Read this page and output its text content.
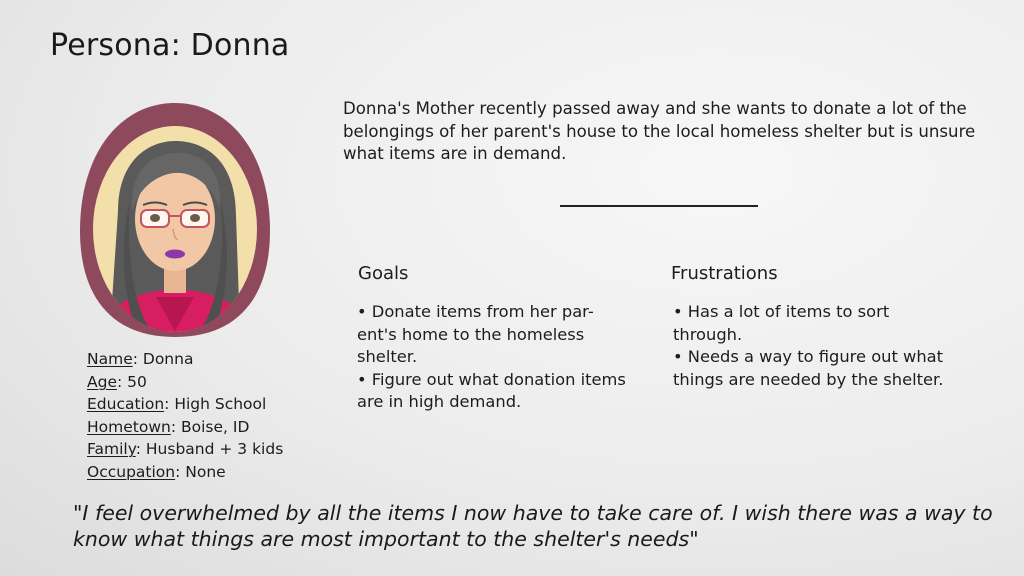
Persona: Donna
Name: Donna
Age: 50
Education: High School
Hometown: Boise, ID
Family: Husband + 3 kids
Occupation: None

Donna's Mother recently passed away and she wants to donate a lot of the belongings of her parent's house to the local homeless shelter but is unsure what items are in demand.

Goals
• Donate items from her par- ent's home to the homeless shelter.
• Figure out what donation items are in high demand.
Frustrations
• Has a lot of items to sort through.
• Needs a way to figure out what things are needed by the shelter.

"I feel overwhelmed by all the items I now have to take care of. I wish there was a way to know what things are most important to the shelter's needs"
